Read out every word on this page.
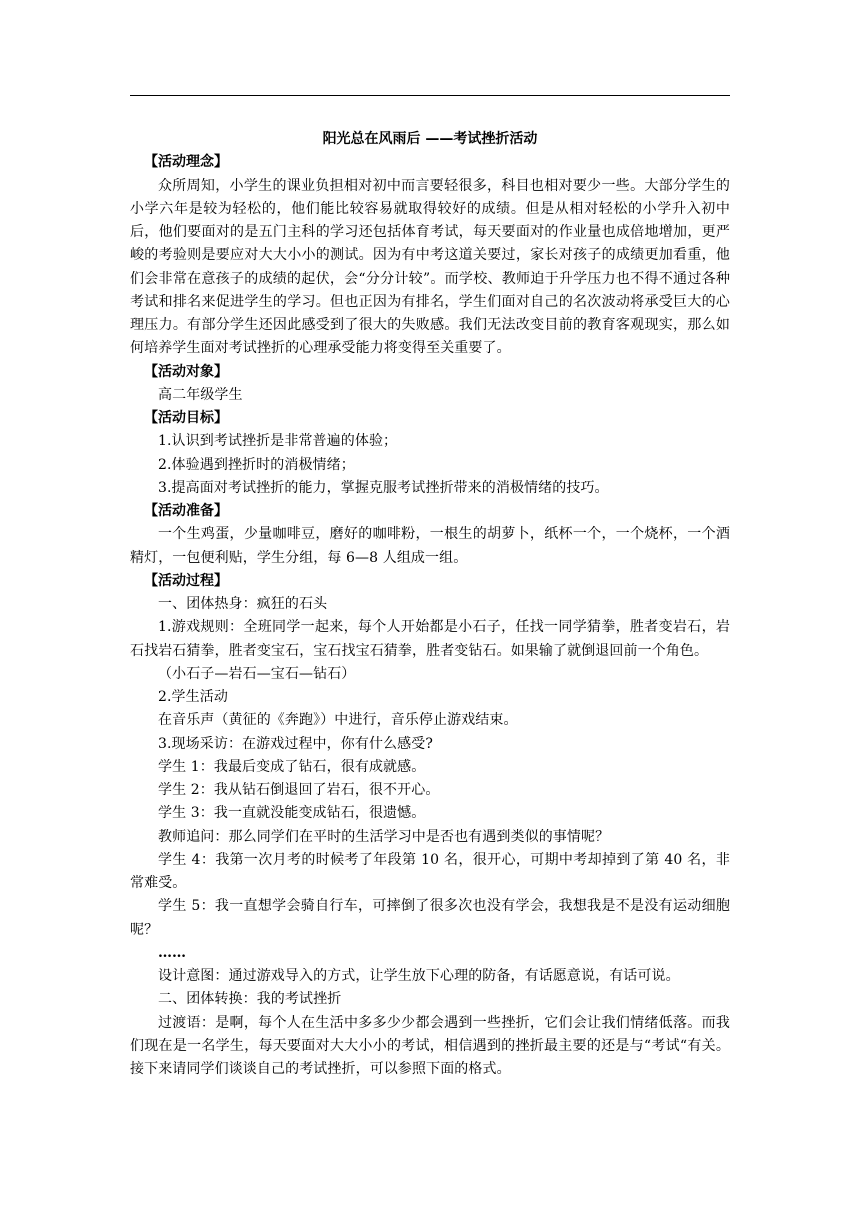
阳光总在风雨后 ——考试挫折活动

【活动理念】

众所周知，小学生的课业负担相对初中而言要轻很多，科目也相对要少一些。大部分学生的小学六年是较为轻松的，他们能比较容易就取得较好的成绩。但是从相对轻松的小学升入初中后，他们要面对的是五门主科的学习还包括体育考试，每天要面对的作业量也成倍地增加，更严峻的考验则是要应对大大小小的测试。因为有中考这道关要过，家长对孩子的成绩更加看重，他们会非常在意孩子的成绩的起伏，会“分分计较”。而学校、教师迫于升学压力也不得不通过各种考试和排名来促进学生的学习。但也正因为有排名，学生们面对自己的名次波动将承受巨大的心理压力。有部分学生还因此感受到了很大的失败感。我们无法改变目前的教育客观现实，那么如何培养学生面对考试挫折的心理承受能力将变得至关重要了。

【活动对象】

高二年级学生

【活动目标】

1.认识到考试挫折是非常普遍的体验；

2.体验遇到挫折时的消极情绪；

3.提高面对考试挫折的能力，掌握克服考试挫折带来的消极情绪的技巧。

【活动准备】

一个生鸡蛋，少量咖啡豆，磨好的咖啡粉，一根生的胡萝卜，纸杯一个，一个烧杯，一个酒精灯，一包便利贴，学生分组，每 6—8 人组成一组。

【活动过程】

一、团体热身：疯狂的石头

1.游戏规则：全班同学一起来，每个人开始都是小石子，任找一同学猜拳，胜者变岩石，岩石找岩石猜拳，胜者变宝石，宝石找宝石猜拳，胜者变钻石。如果输了就倒退回前一个角色。

（小石子—岩石—宝石—钻石）

2.学生活动

在音乐声（黄征的《奔跑》）中进行，音乐停止游戏结束。

3.现场采访：在游戏过程中，你有什么感受?

学生 1：我最后变成了钻石，很有成就感。

学生 2：我从钻石倒退回了岩石，很不开心。

学生 3：我一直就没能变成钻石，很遗憾。

教师追问：那么同学们在平时的生活学习中是否也有遇到类似的事情呢？

学生 4：我第一次月考的时候考了年段第 10 名，很开心，可期中考却掉到了第 40 名，非常难受。

学生 5：我一直想学会骑自行车，可摔倒了很多次也没有学会，我想我是不是没有运动细胞呢？

……

设计意图：通过游戏导入的方式，让学生放下心理的防备，有话愿意说，有话可说。

二、团体转换：我的考试挫折

过渡语：是啊，每个人在生活中多多少少都会遇到一些挫折，它们会让我们情绪低落。而我们现在是一名学生，每天要面对大大小小的考试，相信遇到的挫折最主要的还是与“考试“有关。接下来请同学们谈谈自己的考试挫折，可以参照下面的格式。
